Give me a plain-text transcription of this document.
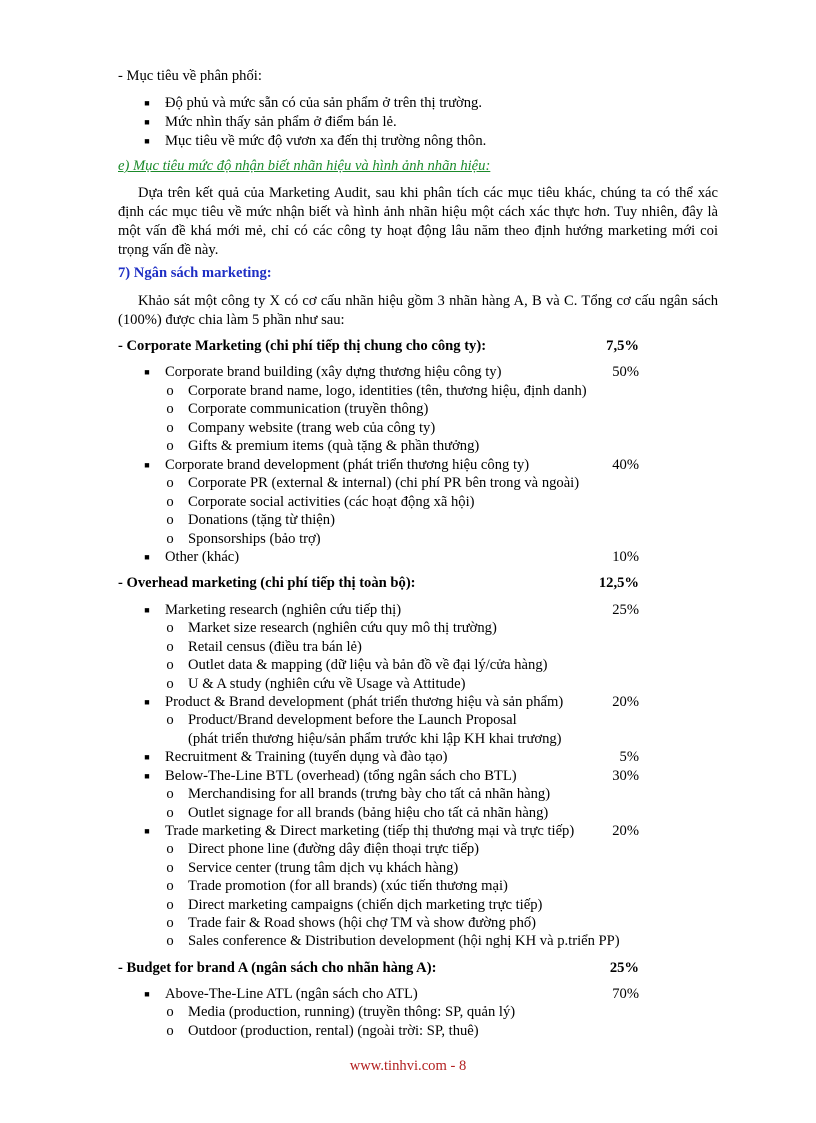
- Mục tiêu về phân phối:
■ Độ phủ và mức sẵn có của sản phẩm ở trên thị trường.
■ Mức nhìn thấy sản phẩm ở điểm bán lẻ.
■ Mục tiêu về mức độ vươn xa đến thị trường nông thôn.
e) Mục tiêu mức độ nhận biết nhãn hiệu và hình ảnh nhãn hiệu:
Dựa trên kết quả của Marketing Audit, sau khi phân tích các mục tiêu khác, chúng ta có thể xác định các mục tiêu về mức nhận biết và hình ảnh nhãn hiệu một cách xác thực hơn. Tuy nhiên, đây là một vấn đề khá mới mẻ, chỉ có các công ty hoạt động lâu năm theo định hướng marketing mới coi trọng vấn đề này.
7) Ngân sách marketing:
Khảo sát một công ty X có cơ cấu nhãn hiệu gồm 3 nhãn hàng A, B và C. Tổng cơ cấu ngân sách (100%) được chia làm 5 phần như sau:
- Corporate Marketing (chi phí tiếp thị chung cho công ty):	7,5%
■ Corporate brand building (xây dựng thương hiệu công ty)	50%
o Corporate brand name, logo, identities (tên, thương hiệu, định danh)
o Corporate communication (truyền thông)
o Company website (trang web của công ty)
o Gifts & premium items (quà tặng & phần thưởng)
■ Corporate brand development (phát triển thương hiệu công ty)	40%
o Corporate PR (external & internal) (chi phí PR bên trong và ngoài)
o Corporate social activities (các hoạt động xã hội)
o Donations (tặng từ thiện)
o Sponsorships (bảo trợ)
■ Other (khác)	10%
- Overhead marketing (chi phí tiếp thị toàn bộ):	12,5%
■ Marketing research (nghiên cứu tiếp thị)	25%
o Market size research (nghiên cứu quy mô thị trường)
o Retail census (điều tra bán lẻ)
o Outlet data & mapping (dữ liệu và bản đồ về đại lý/cửa hàng)
o U & A study (nghiên cứu về Usage và Attitude)
■ Product & Brand development (phát triển thương hiệu và sản phẩm)	20%
o Product/Brand development before the Launch Proposal
(phát triển thương hiệu/sản phẩm trước khi lập KH khai trương)
■ Recruitment & Training (tuyển dụng và đào tạo)	5%
■ Below-The-Line BTL (overhead) (tổng ngân sách cho BTL)	30%
o Merchandising for all brands (trưng bày cho tất cả nhãn hàng)
o Outlet signage for all brands (bảng hiệu cho tất cả nhãn hàng)
■ Trade marketing & Direct marketing (tiếp thị thương mại và trực tiếp)	20%
o Direct phone line (đường dây điện thoại trực tiếp)
o Service center (trung tâm dịch vụ khách hàng)
o Trade promotion (for all brands) (xúc tiến thương mại)
o Direct marketing campaigns (chiến dịch marketing trực tiếp)
o Trade fair & Road shows (hội chợ TM và show đường phố)
o Sales conference & Distribution development (hội nghị KH và p.triển PP)
- Budget for brand A (ngân sách cho nhãn hàng A):	25%
■ Above-The-Line ATL (ngân sách cho ATL)	70%
o Media (production, running) (truyền thông: SP, quản lý)
o Outdoor (production, rental) (ngoài trời: SP, thuê)
www.tinhvi.com - 8
